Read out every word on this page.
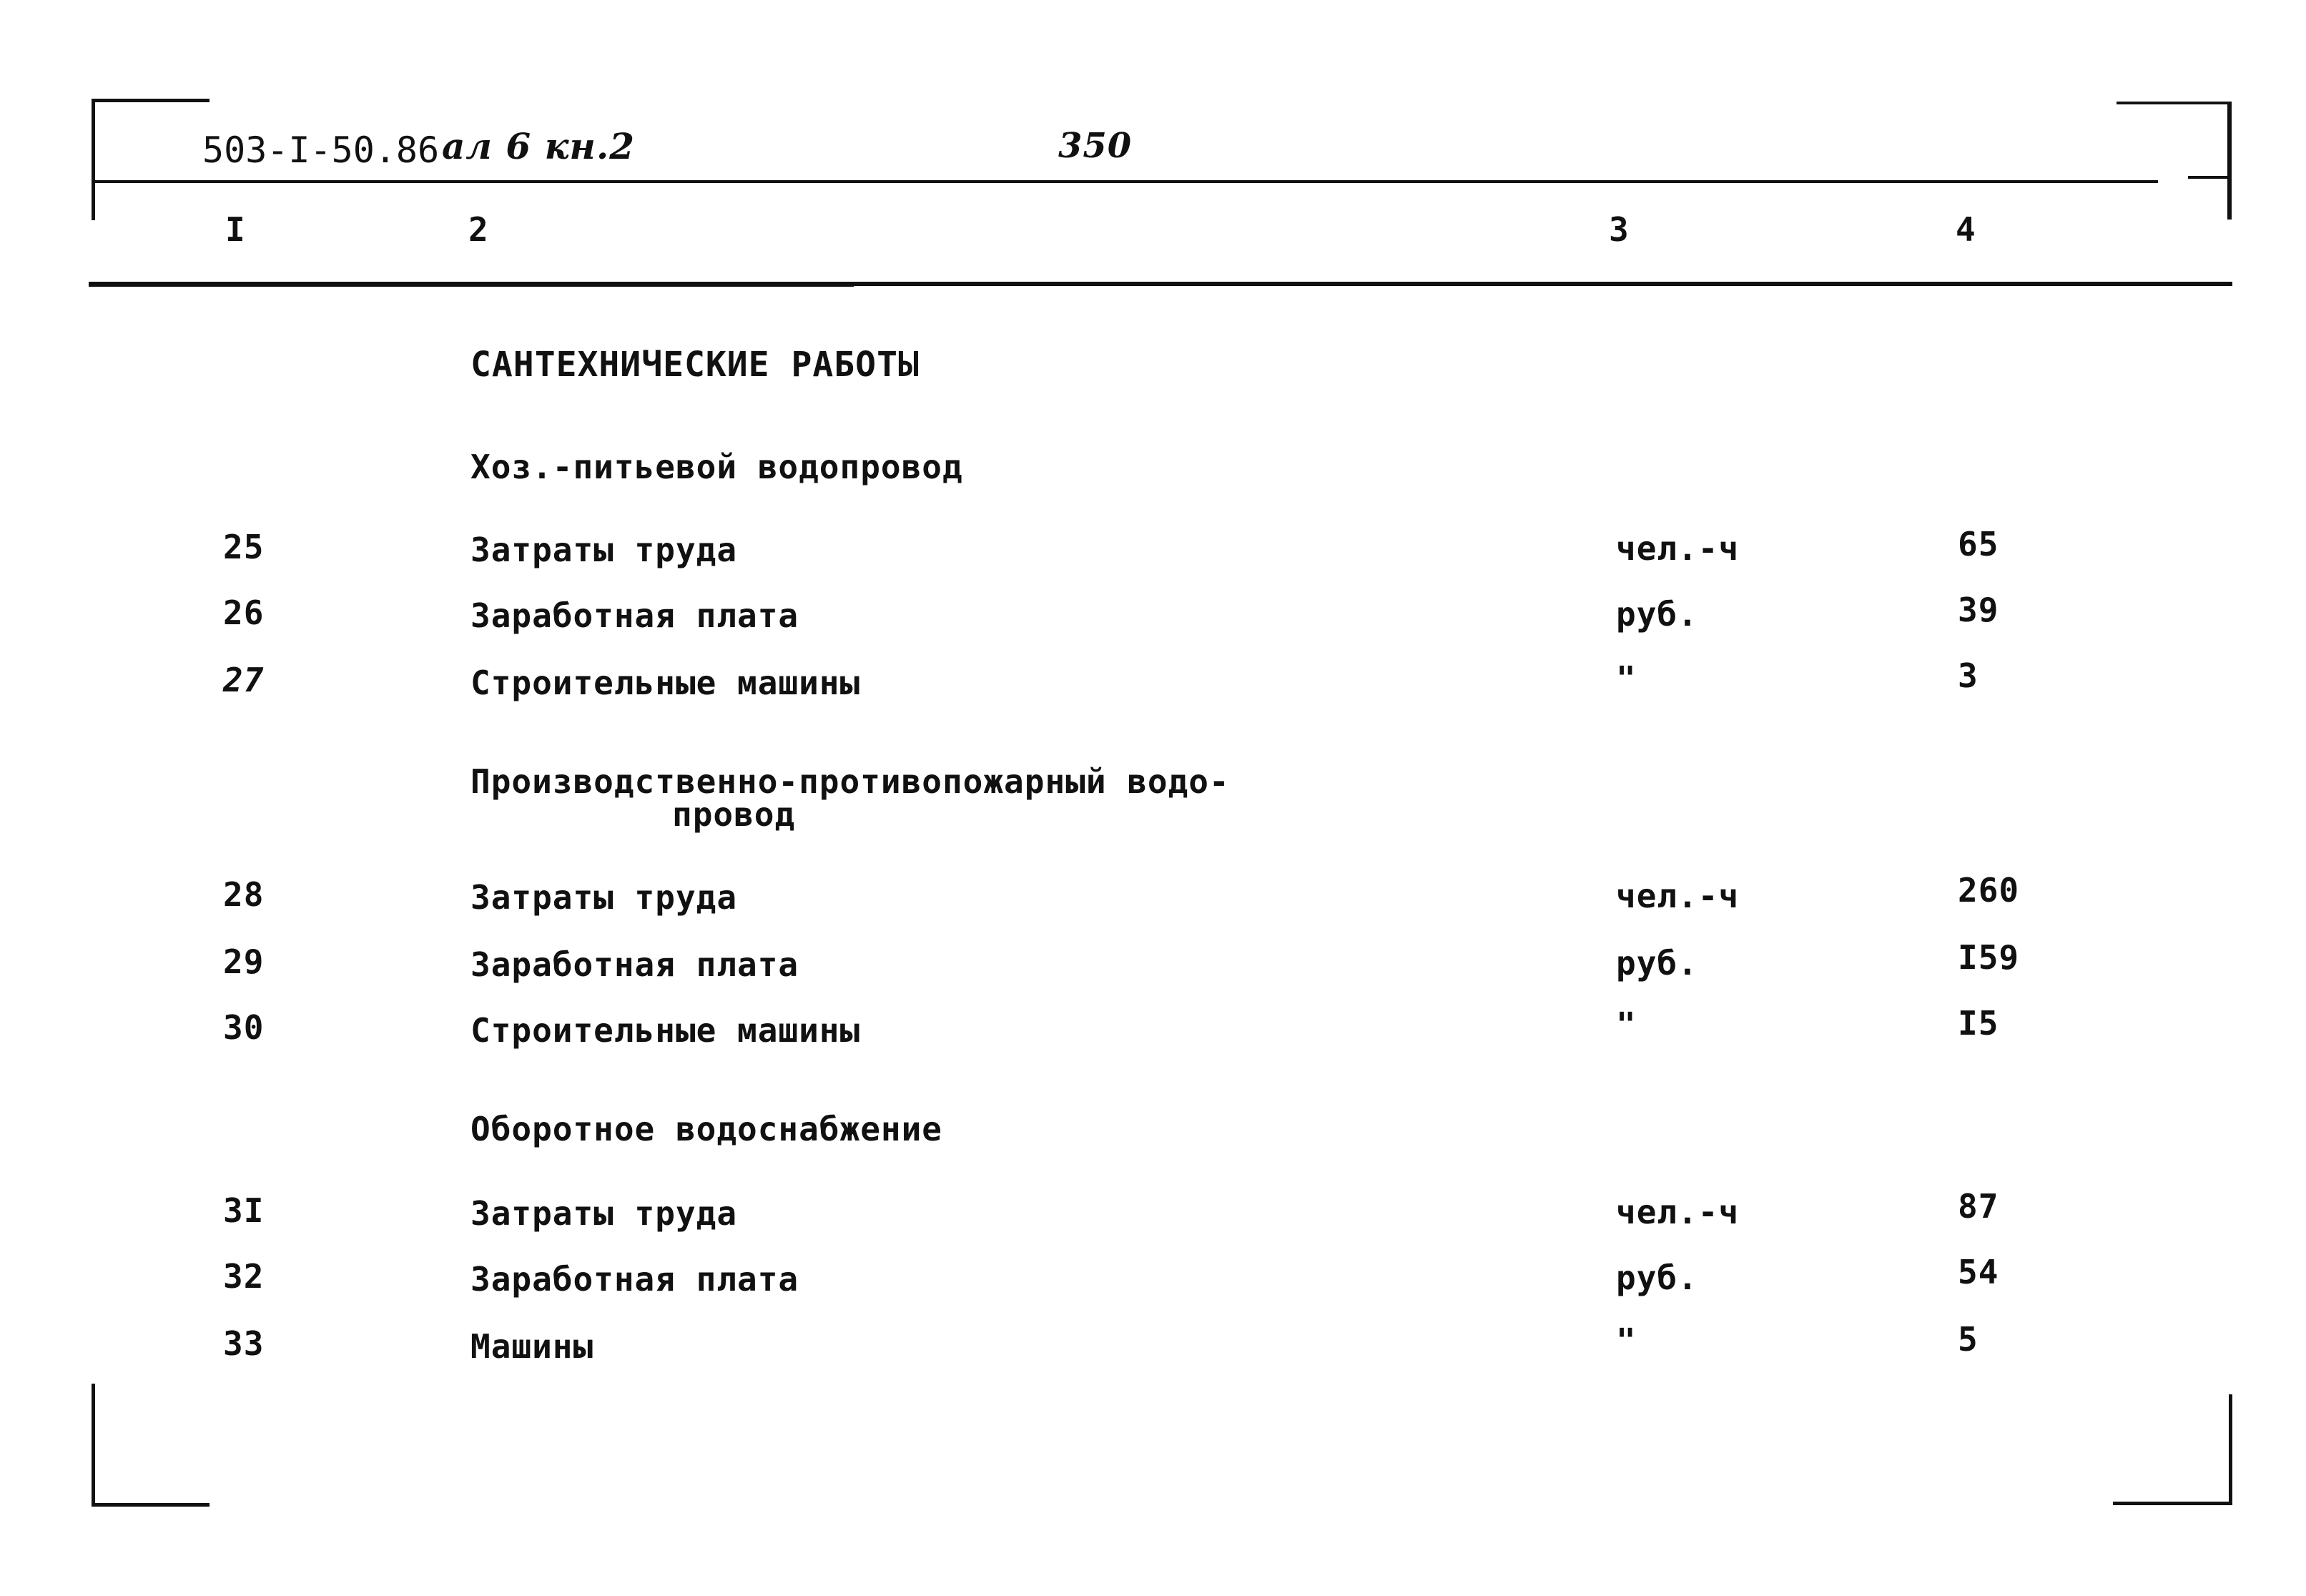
503-I-50.86 ал 6 кн.2	350
I	2	3	4
САНТЕХНИЧЕСКИЕ РАБОТЫ
Хоз.-питьевой водопровод
25	Затраты труда	чел.-ч	65
26	Заработная плата	руб.	39
27	Строительные машины	"	3
Производственно-противопожарный водо-
провод
28	Затраты труда	чел.-ч	260
29	Заработная плата	руб.	I59
30	Строительные машины	"	I5
Оборотное водоснабжение
3I	Затраты труда	чел.-ч	87
32	Заработная плата	руб.	54
33	Машины	"	5
